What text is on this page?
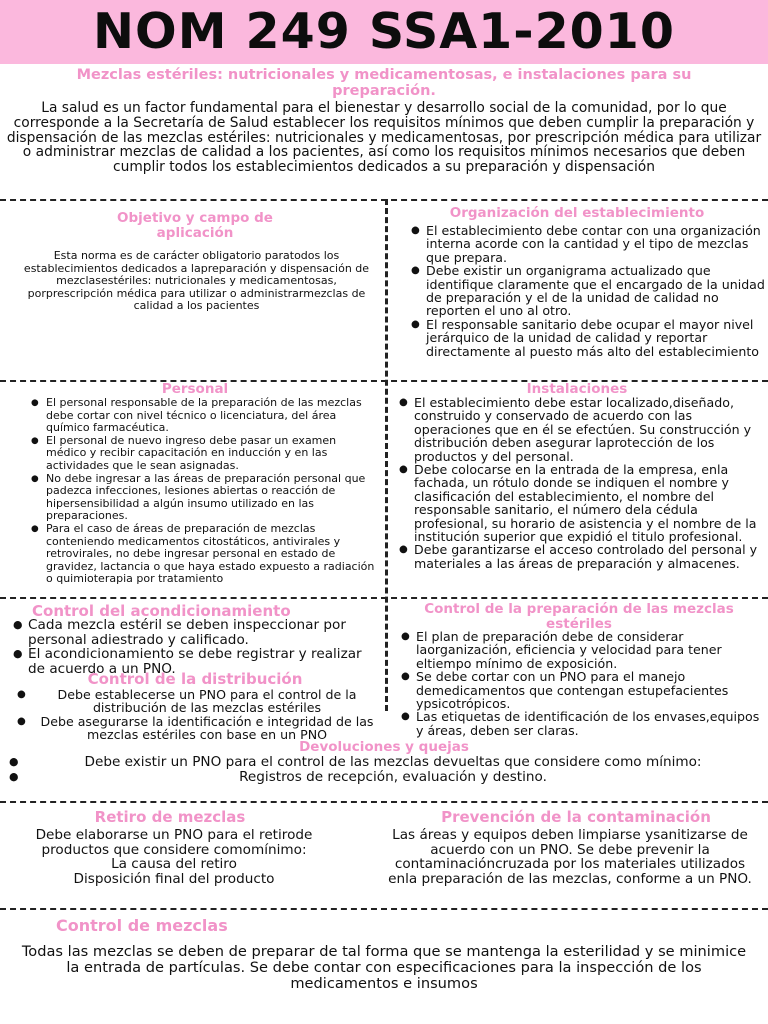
NOM 249 SSA1-2010
Mezclas estériles: nutricionales y medicamentosas, e instalaciones para su preparación.
La salud es un factor fundamental para el bienestar y desarrollo social de la comunidad, por lo que corresponde a la Secretaría de Salud establecer los requisitos mínimos que deben cumplir la preparación y dispensación de las mezclas estériles: nutricionales y medicamentosas, por prescripción médica para utilizar o administrar mezclas de calidad a los pacientes, así como los requisitos mínimos necesarios que deben cumplir todos los establecimientos dedicados a su preparación y dispensación
Objetivo y campo de aplicación
Esta norma es de carácter obligatorio paratodos los establecimientos dedicados a lapreparación y dispensación de mezclasestériles: nutricionales y medicamentosas, porprescripción médica para utilizar o administrarmezclas de calidad a los pacientes
Organización del establecimiento
● El establecimiento debe contar con una organización interna acorde con la cantidad y el tipo de mezclas que prepara.
● Debe existir un organigrama actualizado que identifique claramente que el encargado de la unidad de preparación y el de la unidad de calidad no reporten el uno al otro.
● El responsable sanitario debe ocupar el mayor nivel jerárquico de la unidad de calidad y reportar directamente al puesto más alto del establecimiento
Personal
● El personal responsable de la preparación de las mezclas debe cortar con nivel técnico o licenciatura, del área químico farmacéutica.
● El personal de nuevo ingreso debe pasar un examen médico y recibir capacitación en inducción y en las actividades que le sean asignadas.
● No debe ingresar a las áreas de preparación personal que padezca infecciones, lesiones abiertas o reacción de hipersensibilidad a algún insumo utilizado en las preparaciones.
● Para el caso de áreas de preparación de mezclas conteniendo medicamentos citostáticos, antivirales y retrovirales, no debe ingresar personal en estado de gravidez, lactancia o que haya estado expuesto a radiación o quimioterapia por tratamiento
Instalaciones
● El establecimiento debe estar localizado,diseñado, construido y conservado de acuerdo con las operaciones que en él se efectúen. Su construcción y distribución deben asegurar laprotección de los productos y del personal.
● Debe colocarse en la entrada de la empresa, enla fachada, un rótulo donde se indiquen el nombre y clasificación del establecimiento, el nombre del responsable sanitario, el número dela cédula profesional, su horario de asistencia y el nombre de la institución superior que expidió el titulo profesional.
● Debe garantizarse el acceso controlado del personal y materiales a las áreas de preparación y almacenes.
Control del acondicionamiento
● Cada mezcla estéril se deben inspeccionar por personal adiestrado y calificado.
● El acondicionamiento se debe registrar y realizar de acuerdo a un PNO.
Control de la distribución
● Debe establecerse un PNO para el control de la distribución de las mezclas estériles
● Debe asegurarse la identificación e integridad de las mezclas estériles con base en un PNO
Control de la preparación de las mezclas estériles
● El plan de preparación debe de considerar laorganización, eficiencia y velocidad para tener eltiempo mínimo de exposición.
● Se debe cortar con un PNO para el manejo demedicamentos que contengan estupefacientes ypsicotrópicos.
● Las etiquetas de identificación de los envases,equipos y áreas, deben ser claras.
Devoluciones y quejas
● Debe existir un PNO para el control de las mezclas devueltas que considere como mínimo:
● Registros de recepción, evaluación y destino.
Retiro de mezclas
Debe elaborarse un PNO para el retirode productos que considere comomínimo:
La causa del retiro
Disposición final del producto
Prevención de la contaminación
Las áreas y equipos deben limpiarse ysanitizarse de acuerdo con un PNO. Se debe prevenir la contaminacióncruzada por los materiales utilizados enla preparación de las mezclas, conforme a un PNO.
Control de mezclas
Todas las mezclas se deben de preparar de tal forma que se mantenga la esterilidad y se minimice la entrada de partículas. Se debe contar con especificaciones para la inspección de los medicamentos e insumos
